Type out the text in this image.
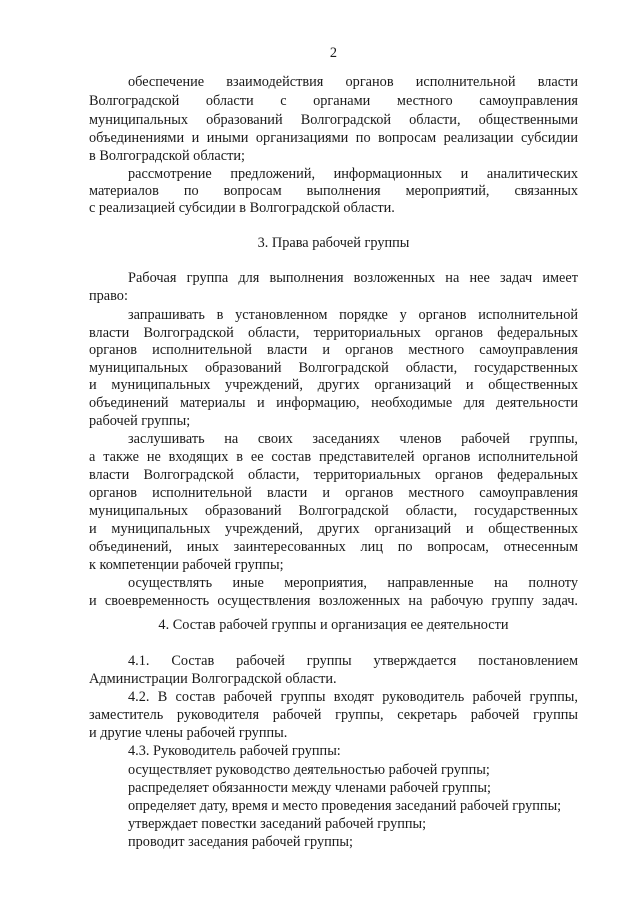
2
обеспечение взаимодействия органов исполнительной власти
Волгоградской области с органами местного самоуправления
муниципальных образований Волгоградской области, общественными
объединениями и иными организациями по вопросам реализации субсидии
в Волгоградской области;
рассмотрение предложений, информационных и аналитических
материалов по вопросам выполнения мероприятий, связанных
с реализацией субсидии в Волгоградской области.
3. Права рабочей группы
Рабочая группа для выполнения возложенных на нее задач имеет
право:
запрашивать в установленном порядке у органов исполнительной
власти Волгоградской области, территориальных органов федеральных
органов исполнительной власти и органов местного самоуправления
муниципальных образований Волгоградской области, государственных
и муниципальных учреждений, других организаций и общественных
объединений материалы и информацию, необходимые для деятельности
рабочей группы;
заслушивать на своих заседаниях членов рабочей группы,
а также не входящих в ее состав представителей органов исполнительной
власти Волгоградской области, территориальных органов федеральных
органов исполнительной власти и органов местного самоуправления
муниципальных образований Волгоградской области, государственных
и муниципальных учреждений, других организаций и общественных
объединений, иных заинтересованных лиц по вопросам, отнесенным
к компетенции рабочей группы;
осуществлять иные мероприятия, направленные на полноту
и своевременность осуществления возложенных на рабочую группу задач.
4. Состав рабочей группы и организация ее деятельности
4.1. Состав рабочей группы утверждается постановлением
Администрации Волгоградской области.
4.2. В состав рабочей группы входят руководитель рабочей группы,
заместитель руководителя рабочей группы, секретарь рабочей группы
и другие члены рабочей группы.
4.3. Руководитель рабочей группы:
осуществляет руководство деятельностью рабочей группы;
распределяет обязанности между членами рабочей группы;
определяет дату, время и место проведения заседаний рабочей группы;
утверждает повестки заседаний рабочей группы;
проводит заседания рабочей группы;
